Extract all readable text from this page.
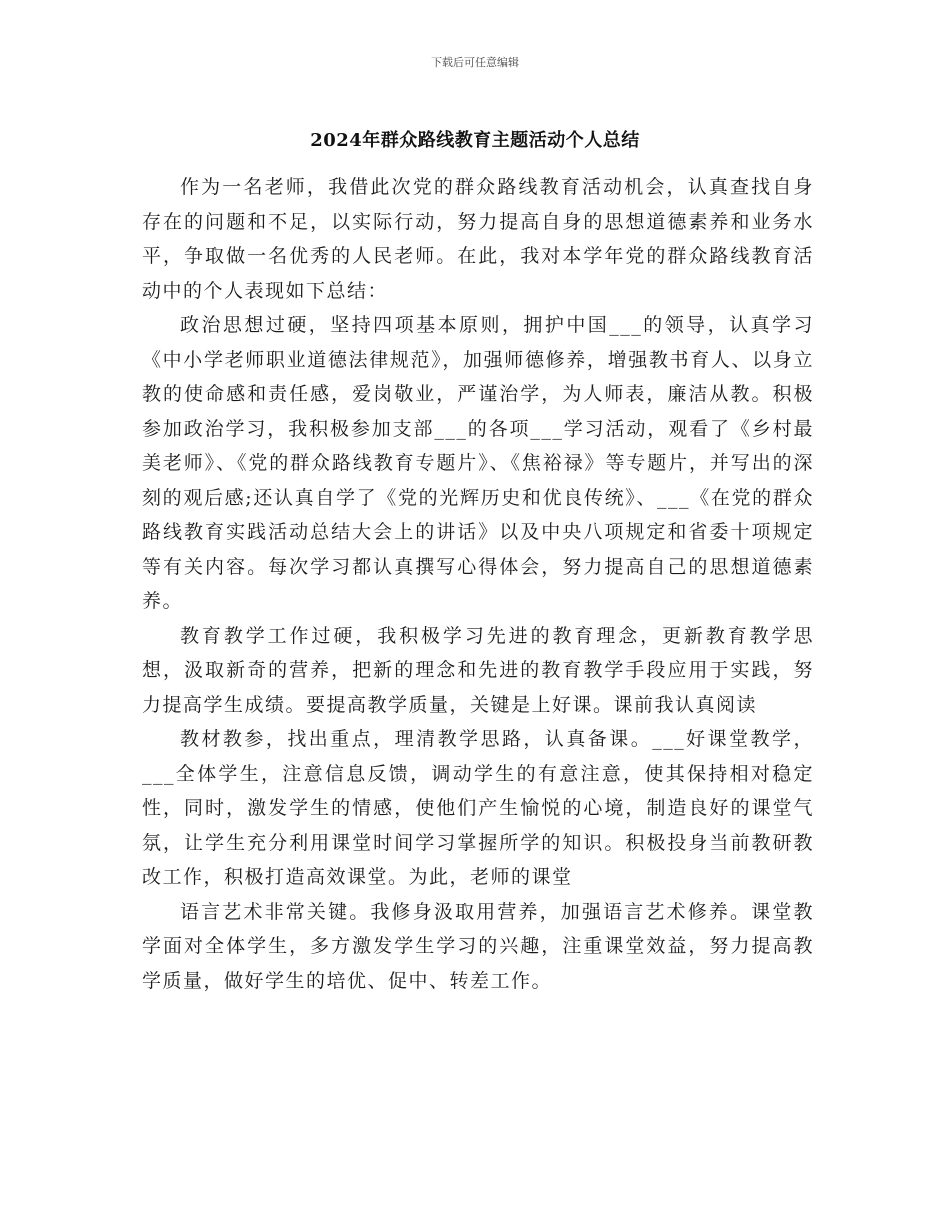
下载后可任意编辑
2024年群众路线教育主题活动个人总结

作为一名老师，我借此次党的群众路线教育活动机会，认真查找自身存在的问题和不足，以实际行动，努力提高自身的思想道德素养和业务水平，争取做一名优秀的人民老师。在此，我对本学年党的群众路线教育活动中的个人表现如下总结：

政治思想过硬，坚持四项基本原则，拥护中国___的领导，认真学习《中小学老师职业道德法律规范》，加强师德修养，增强教书育人、以身立教的使命感和责任感，爱岗敬业，严谨治学，为人师表，廉洁从教。积极参加政治学习，我积极参加支部___的各项___学习活动，观看了《乡村最美老师》、《党的群众路线教育专题片》、《焦裕禄》等专题片，并写出的深刻的观后感;还认真自学了《党的光辉历史和优良传统》、___《在党的群众路线教育实践活动总结大会上的讲话》以及中央八项规定和省委十项规定等有关内容。每次学习都认真撰写心得体会，努力提高自己的思想道德素养。

教育教学工作过硬，我积极学习先进的教育理念，更新教育教学思想，汲取新奇的营养，把新的理念和先进的教育教学手段应用于实践，努力提高学生成绩。要提高教学质量，关键是上好课。课前我认真阅读

教材教参，找出重点，理清教学思路，认真备课。___好课堂教学，___全体学生，注意信息反馈，调动学生的有意注意，使其保持相对稳定性，同时，激发学生的情感，使他们产生愉悦的心境，制造良好的课堂气氛，让学生充分利用课堂时间学习掌握所学的知识。积极投身当前教研教改工作，积极打造高效课堂。为此，老师的课堂

语言艺术非常关键。我修身汲取用营养，加强语言艺术修养。课堂教学面对全体学生，多方激发学生学习的兴趣，注重课堂效益，努力提高教学质量，做好学生的培优、促中、转差工作。
